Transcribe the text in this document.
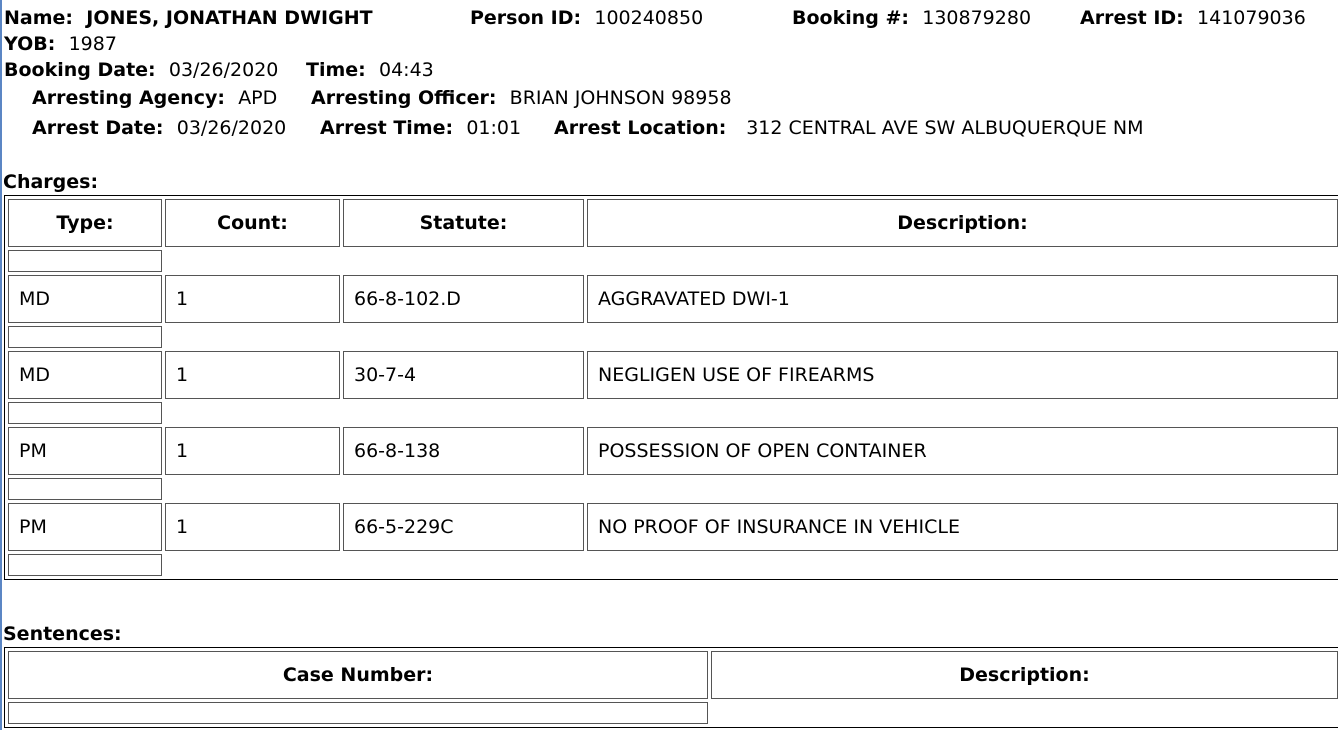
Name: JONES, JONATHAN DWIGHT	Person ID: 100240850	Booking #: 130879280	Arrest ID: 141079036
YOB: 1987
Booking Date: 03/26/2020 Time: 04:43
Arresting Agency: APD Arresting Officer: BRIAN JOHNSON 98958
Arrest Date: 03/26/2020 Arrest Time: 01:01 Arrest Location: 312 CENTRAL AVE SW ALBUQUERQUE NM
Charges:
Type:	Count:	Statute:	Description:

MD	1	66-8-102.D	AGGRAVATED DWI-1

MD	1	30-7-4	NEGLIGEN USE OF FIREARMS

PM	1	66-8-138	POSSESSION OF OPEN CONTAINER

PM	1	66-5-229C	NO PROOF OF INSURANCE IN VEHICLE

Sentences:
Case Number:	Description:
